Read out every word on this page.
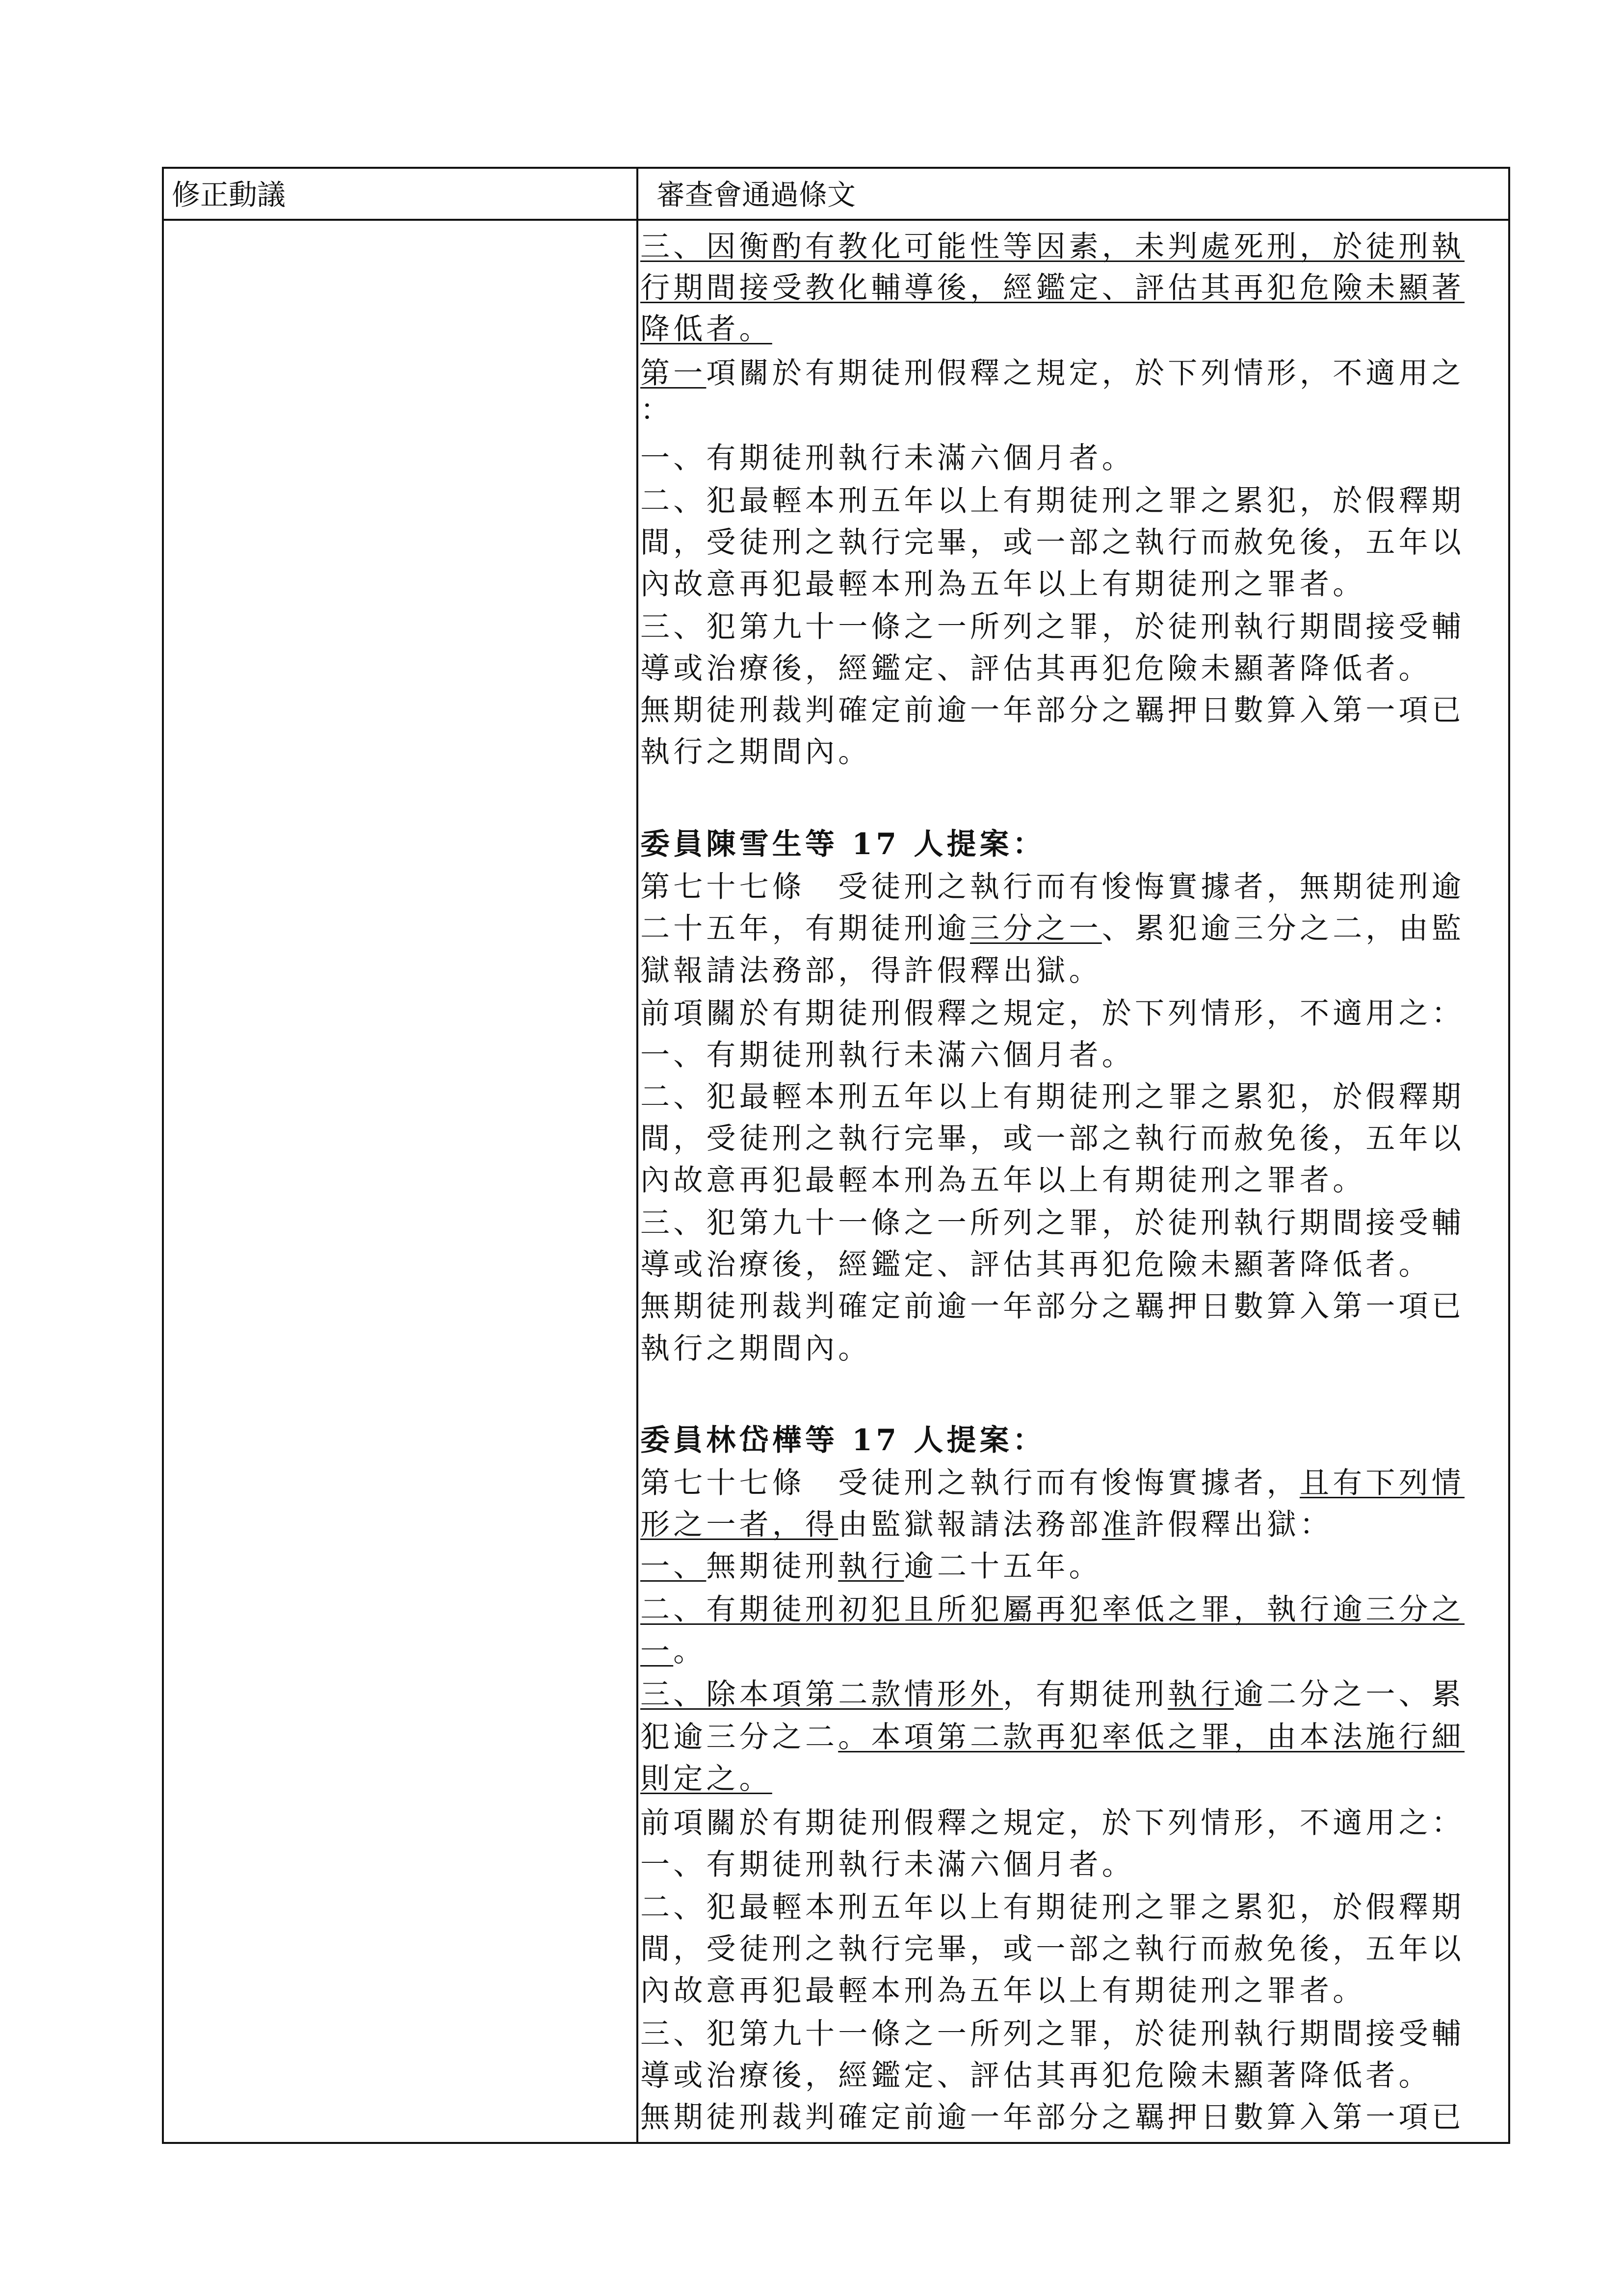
修正動議	審查會通過條文
三、因衡酌有教化可能性等因素，未判處死刑，於徒刑執
行期間接受教化輔導後，經鑑定、評估其再犯危險未顯著
降低者。
第一項關於有期徒刑假釋之規定，於下列情形，不適用之
：
一、有期徒刑執行未滿六個月者。
二、犯最輕本刑五年以上有期徒刑之罪之累犯，於假釋期
間，受徒刑之執行完畢，或一部之執行而赦免後，五年以
內故意再犯最輕本刑為五年以上有期徒刑之罪者。
三、犯第九十一條之一所列之罪，於徒刑執行期間接受輔
導或治療後，經鑑定、評估其再犯危險未顯著降低者。
無期徒刑裁判確定前逾一年部分之羈押日數算入第一項已
執行之期間內。
委員陳雪生等 17 人提案：
第七十七條　受徒刑之執行而有悛悔實據者，無期徒刑逾
二十五年，有期徒刑逾三分之一、累犯逾三分之二，由監
獄報請法務部，得許假釋出獄。
前項關於有期徒刑假釋之規定，於下列情形，不適用之：
一、有期徒刑執行未滿六個月者。
二、犯最輕本刑五年以上有期徒刑之罪之累犯，於假釋期
間，受徒刑之執行完畢，或一部之執行而赦免後，五年以
內故意再犯最輕本刑為五年以上有期徒刑之罪者。
三、犯第九十一條之一所列之罪，於徒刑執行期間接受輔
導或治療後，經鑑定、評估其再犯危險未顯著降低者。
無期徒刑裁判確定前逾一年部分之羈押日數算入第一項已
執行之期間內。
委員林岱樺等 17 人提案：
第七十七條　受徒刑之執行而有悛悔實據者，且有下列情
形之一者，得由監獄報請法務部准許假釋出獄：
一、無期徒刑執行逾二十五年。
二、有期徒刑初犯且所犯屬再犯率低之罪，執行逾三分之
一。
三、除本項第二款情形外，有期徒刑執行逾二分之一、累
犯逾三分之二。本項第二款再犯率低之罪，由本法施行細
則定之。
前項關於有期徒刑假釋之規定，於下列情形，不適用之：
一、有期徒刑執行未滿六個月者。
二、犯最輕本刑五年以上有期徒刑之罪之累犯，於假釋期
間，受徒刑之執行完畢，或一部之執行而赦免後，五年以
內故意再犯最輕本刑為五年以上有期徒刑之罪者。
三、犯第九十一條之一所列之罪，於徒刑執行期間接受輔
導或治療後，經鑑定、評估其再犯危險未顯著降低者。
無期徒刑裁判確定前逾一年部分之羈押日數算入第一項已
